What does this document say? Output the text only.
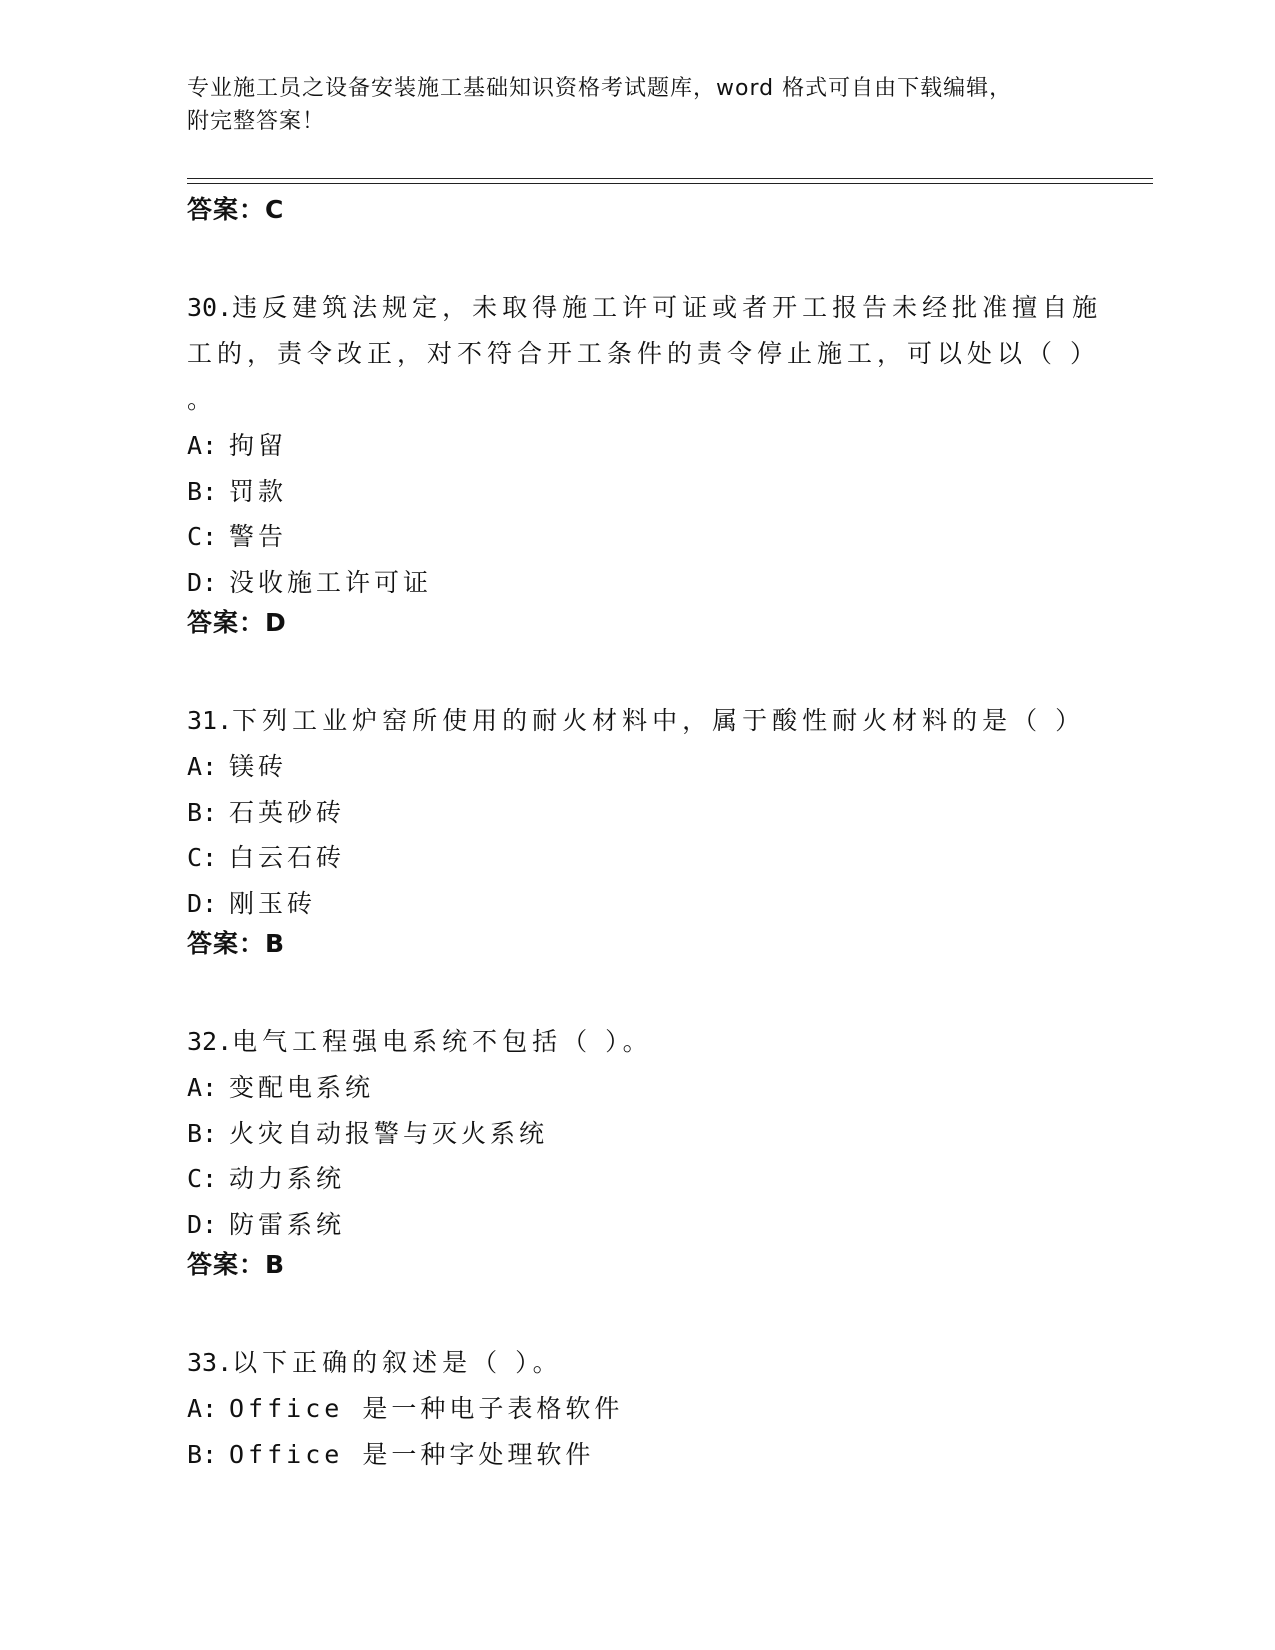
专业施工员之设备安装施工基础知识资格考试题库，word 格式可自由下载编辑，
附完整答案！

答案：C

30.违反建筑法规定，未取得施工许可证或者开工报告未经批准擅自施
工的，责令改正，对不符合开工条件的责令停止施工，可以处以（ ）
。
A: 拘留
B: 罚款
C: 警告
D: 没收施工许可证

答案：D

31.下列工业炉窑所使用的耐火材料中，属于酸性耐火材料的是（ ）
A: 镁砖
B: 石英砂砖
C: 白云石砖
D: 刚玉砖

答案：B

32.电气工程强电系统不包括（ ）。
A: 变配电系统
B: 火灾自动报警与灭火系统
C: 动力系统
D: 防雷系统

答案：B

33.以下正确的叙述是（ ）。
A: Office 是一种电子表格软件
B: Office 是一种字处理软件
